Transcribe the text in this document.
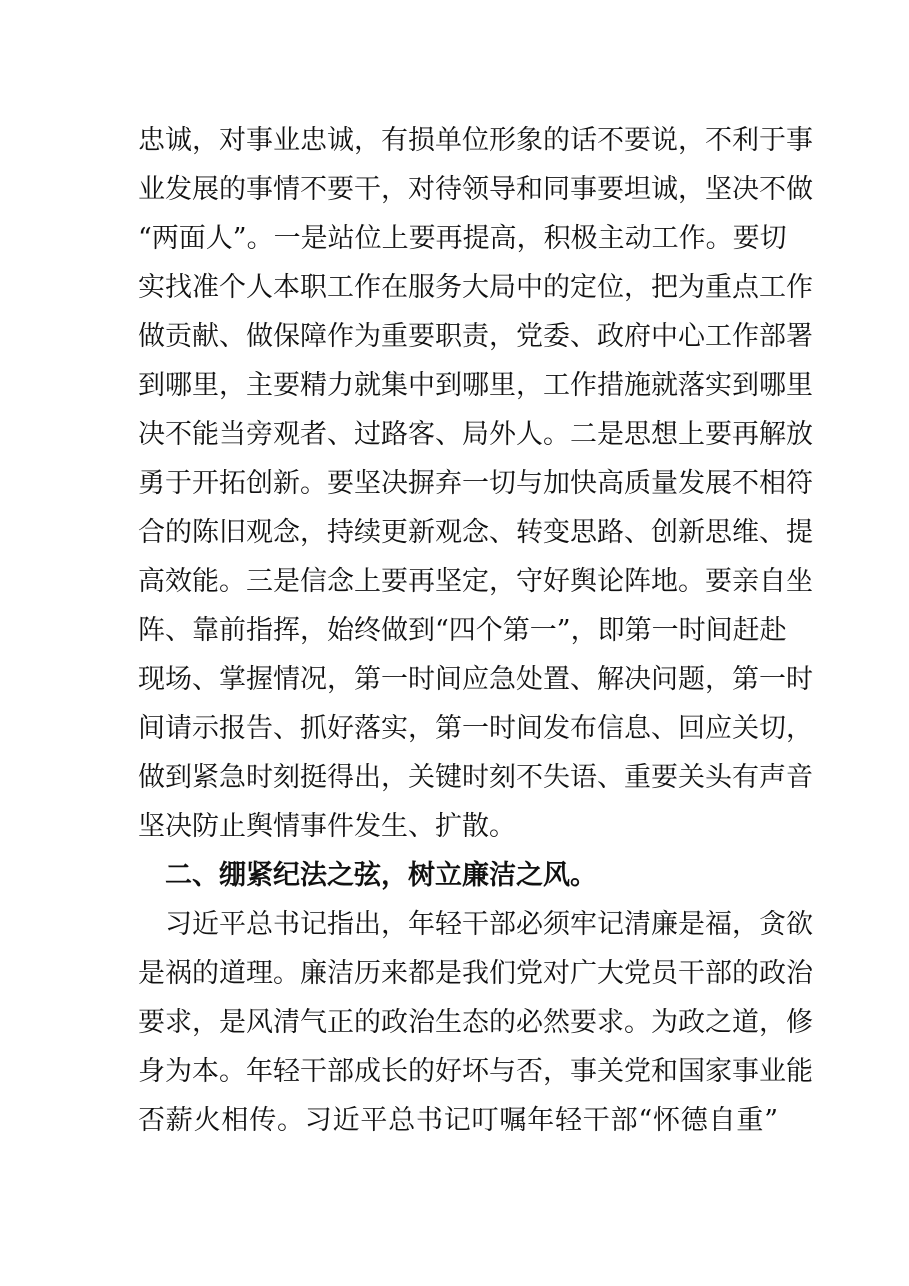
忠诚，对事业忠诚，有损单位形象的话不要说，不利于事
业发展的事情不要干，对待领导和同事要坦诚，坚决不做
“两面人”。一是站位上要再提高，积极主动工作。要切
实找准个人本职工作在服务大局中的定位，把为重点工作
做贡献、做保障作为重要职责，党委、政府中心工作部署
到哪里，主要精力就集中到哪里，工作措施就落实到哪里
决不能当旁观者、过路客、局外人。二是思想上要再解放
勇于开拓创新。要坚决摒弃一切与加快高质量发展不相符
合的陈旧观念，持续更新观念、转变思路、创新思维、提
高效能。三是信念上要再坚定，守好舆论阵地。要亲自坐
阵、靠前指挥，始终做到“四个第一”，即第一时间赶赴
现场、掌握情况，第一时间应急处置、解决问题，第一时
间请示报告、抓好落实，第一时间发布信息、回应关切，
做到紧急时刻挺得出，关键时刻不失语、重要关头有声音
坚决防止舆情事件发生、扩散。
二、绷紧纪法之弦，树立廉洁之风。
习近平总书记指出，年轻干部必须牢记清廉是福，贪欲
是祸的道理。廉洁历来都是我们党对广大党员干部的政治
要求，是风清气正的政治生态的必然要求。为政之道，修
身为本。年轻干部成长的好坏与否，事关党和国家事业能
否薪火相传。习近平总书记叮嘱年轻干部“怀德自重”
